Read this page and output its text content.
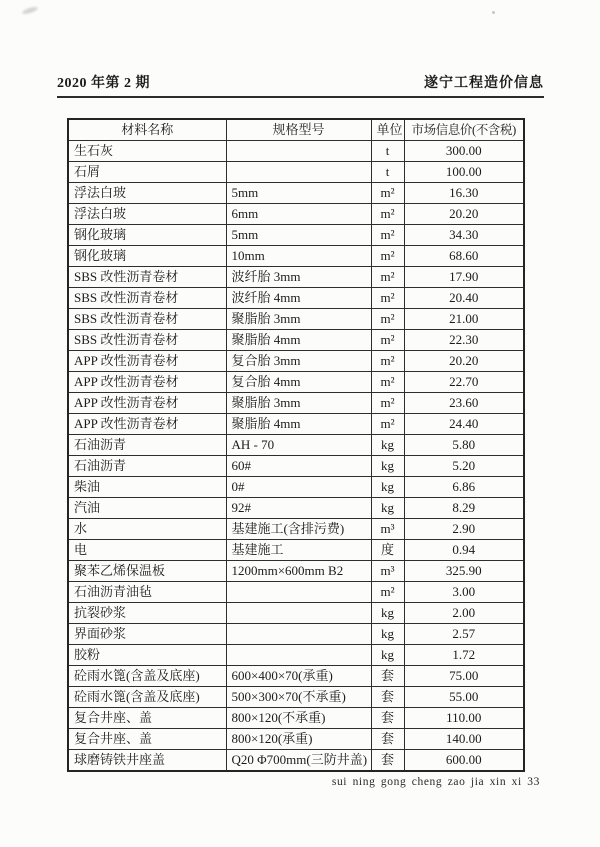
2020 年第 2 期	遂宁工程造价信息
材料名称	规格型号	单位	市场信息价(不含税)
生石灰		t	300.00
石屑		t	100.00
浮法白玻	5mm	m²	16.30
浮法白玻	6mm	m²	20.20
钢化玻璃	5mm	m²	34.30
钢化玻璃	10mm	m²	68.60
SBS 改性沥青卷材	波纤胎 3mm	m²	17.90
SBS 改性沥青卷材	波纤胎 4mm	m²	20.40
SBS 改性沥青卷材	聚脂胎 3mm	m²	21.00
SBS 改性沥青卷材	聚脂胎 4mm	m²	22.30
APP 改性沥青卷材	复合胎 3mm	m²	20.20
APP 改性沥青卷材	复合胎 4mm	m²	22.70
APP 改性沥青卷材	聚脂胎 3mm	m²	23.60
APP 改性沥青卷材	聚脂胎 4mm	m²	24.40
石油沥青	AH - 70	kg	5.80
石油沥青	60#	kg	5.20
柴油	0#	kg	6.86
汽油	92#	kg	8.29
水	基建施工(含排污费)	m³	2.90
电	基建施工	度	0.94
聚苯乙烯保温板	1200mm×600mm B2	m³	325.90
石油沥青油毡		m²	3.00
抗裂砂浆		kg	2.00
界面砂浆		kg	2.57
胶粉		kg	1.72
砼雨水篦(含盖及底座)	600×400×70(承重)	套	75.00
砼雨水篦(含盖及底座)	500×300×70(不承重)	套	55.00
复合井座、盖	800×120(不承重)	套	110.00
复合井座、盖	800×120(承重)	套	140.00
球磨铸铁井座盖	Q20 Φ700mm(三防井盖)	套	600.00
sui ning gong cheng zao jia xin xi 33
